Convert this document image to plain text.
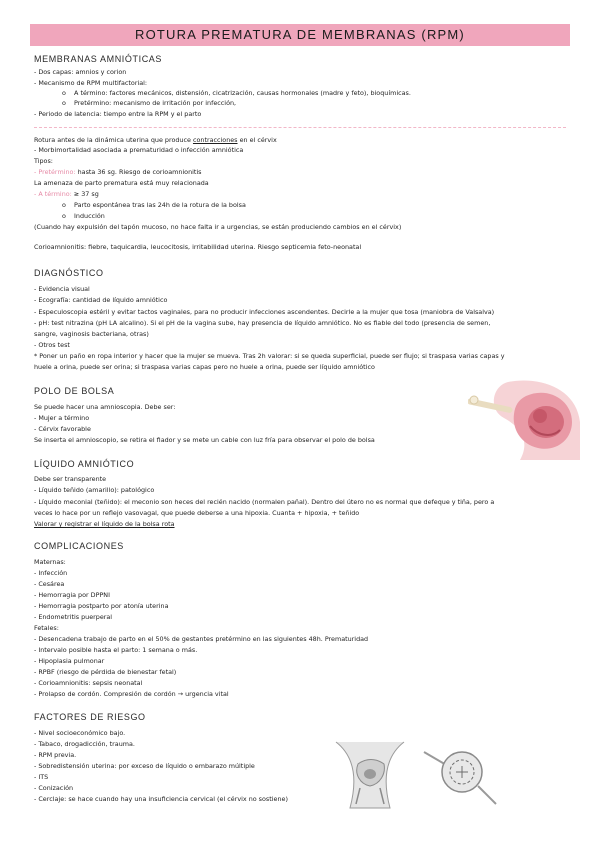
ROTURA PREMATURA DE MEMBRANAS (RPM)
MEMBRANAS AMNIÓTICAS
- Dos capas: amnios y corion
- Mecanismo de RPM multifactorial:
o    A término: factores mecánicos, distensión, cicatrización, causas hormonales (madre y feto), bioquímicas.
o    Pretérmino: mecanismo de irritación por infección,
- Periodo de latencia: tiempo entre la RPM y el parto
Rotura antes de la dinámica uterina que produce contracciones en el cérvix
- Morbimortalidad asociada a prematuridad o infección amniótica
Tipos:
- Pretérmino: hasta 36 sg. Riesgo de corioamnionitis
La amenaza de parto prematura está muy relacionada
- A término: ≥ 37 sg
o    Parto espontánea tras las 24h de la rotura de la bolsa
o    Inducción
(Cuando hay expulsión del tapón mucoso, no hace falta ir a urgencias, se están produciendo cambios en el cérvix)
Corioamnionitis: fiebre, taquicardia, leucocitosis, irritabilidad uterina. Riesgo septicemia feto-neonatal
DIAGNÓSTICO
- Evidencia visual
- Ecografía: cantidad de líquido amniótico
- Especuloscopia estéril y evitar tactos vaginales, para no producir infecciones ascendentes. Decirle a la mujer que tosa (maniobra de Valsalva)
- pH: test nitrazina (pH LA alcalino). Si el pH de la vagina sube, hay presencia de líquido amniótico. No es fiable del todo (presencia de semen,
sangre, vaginosis bacteriana, otras)
- Otros test
* Poner un paño en ropa interior y hacer que la mujer se mueva. Tras 2h valorar: si se queda superficial, puede ser flujo; si traspasa varias capas y
huele a orina, puede ser orina; si traspasa varias capas pero no huele a orina, puede ser líquido amniótico
POLO DE BOLSA
Se puede hacer una amnioscopia. Debe ser:
- Mujer a término
- Cérvix favorable
Se inserta el amnioscopio, se retira el fiador y se mete un cable con luz fría para observar el polo de bolsa
LÍQUIDO AMNIÓTICO
Debe ser transparente
- Líquido teñido (amarillo): patológico
- Líquido meconial (teñido): el meconio son heces del recién nacido (normalen pañal). Dentro del útero no es normal que defeque y tiña, pero a
veces lo hace por un reflejo vasovagal, que puede deberse a una hipoxia. Cuanta + hipoxia, + teñido
Valorar y registrar el líquido de la bolsa rota
COMPLICACIONES
Maternas:
- Infección
- Cesárea
- Hemorragia por DPPNI
- Hemorragia postparto por atonía uterina
- Endometritis puerperal
Fetales:
- Desencadena trabajo de parto en el 50% de gestantes pretérmino en las siguientes 48h. Prematuridad
- Intervalo posible hasta el parto: 1 semana o más.
- Hipoplasia pulmonar
- RPBF (riesgo de pérdida de bienestar fetal)
- Corioamnionitis: sepsis neonatal
- Prolapso de cordón. Compresión de cordón → urgencia vital
FACTORES DE RIESGO
- Nivel socioeconómico bajo.
- Tabaco, drogadicción, trauma.
- RPM previa.
- Sobredistensión uterina: por exceso de líquido o embarazo múltiple
- ITS
- Conización
- Cerclaje: se hace cuando hay una insuficiencia cervical (el cérvix no sostiene)
